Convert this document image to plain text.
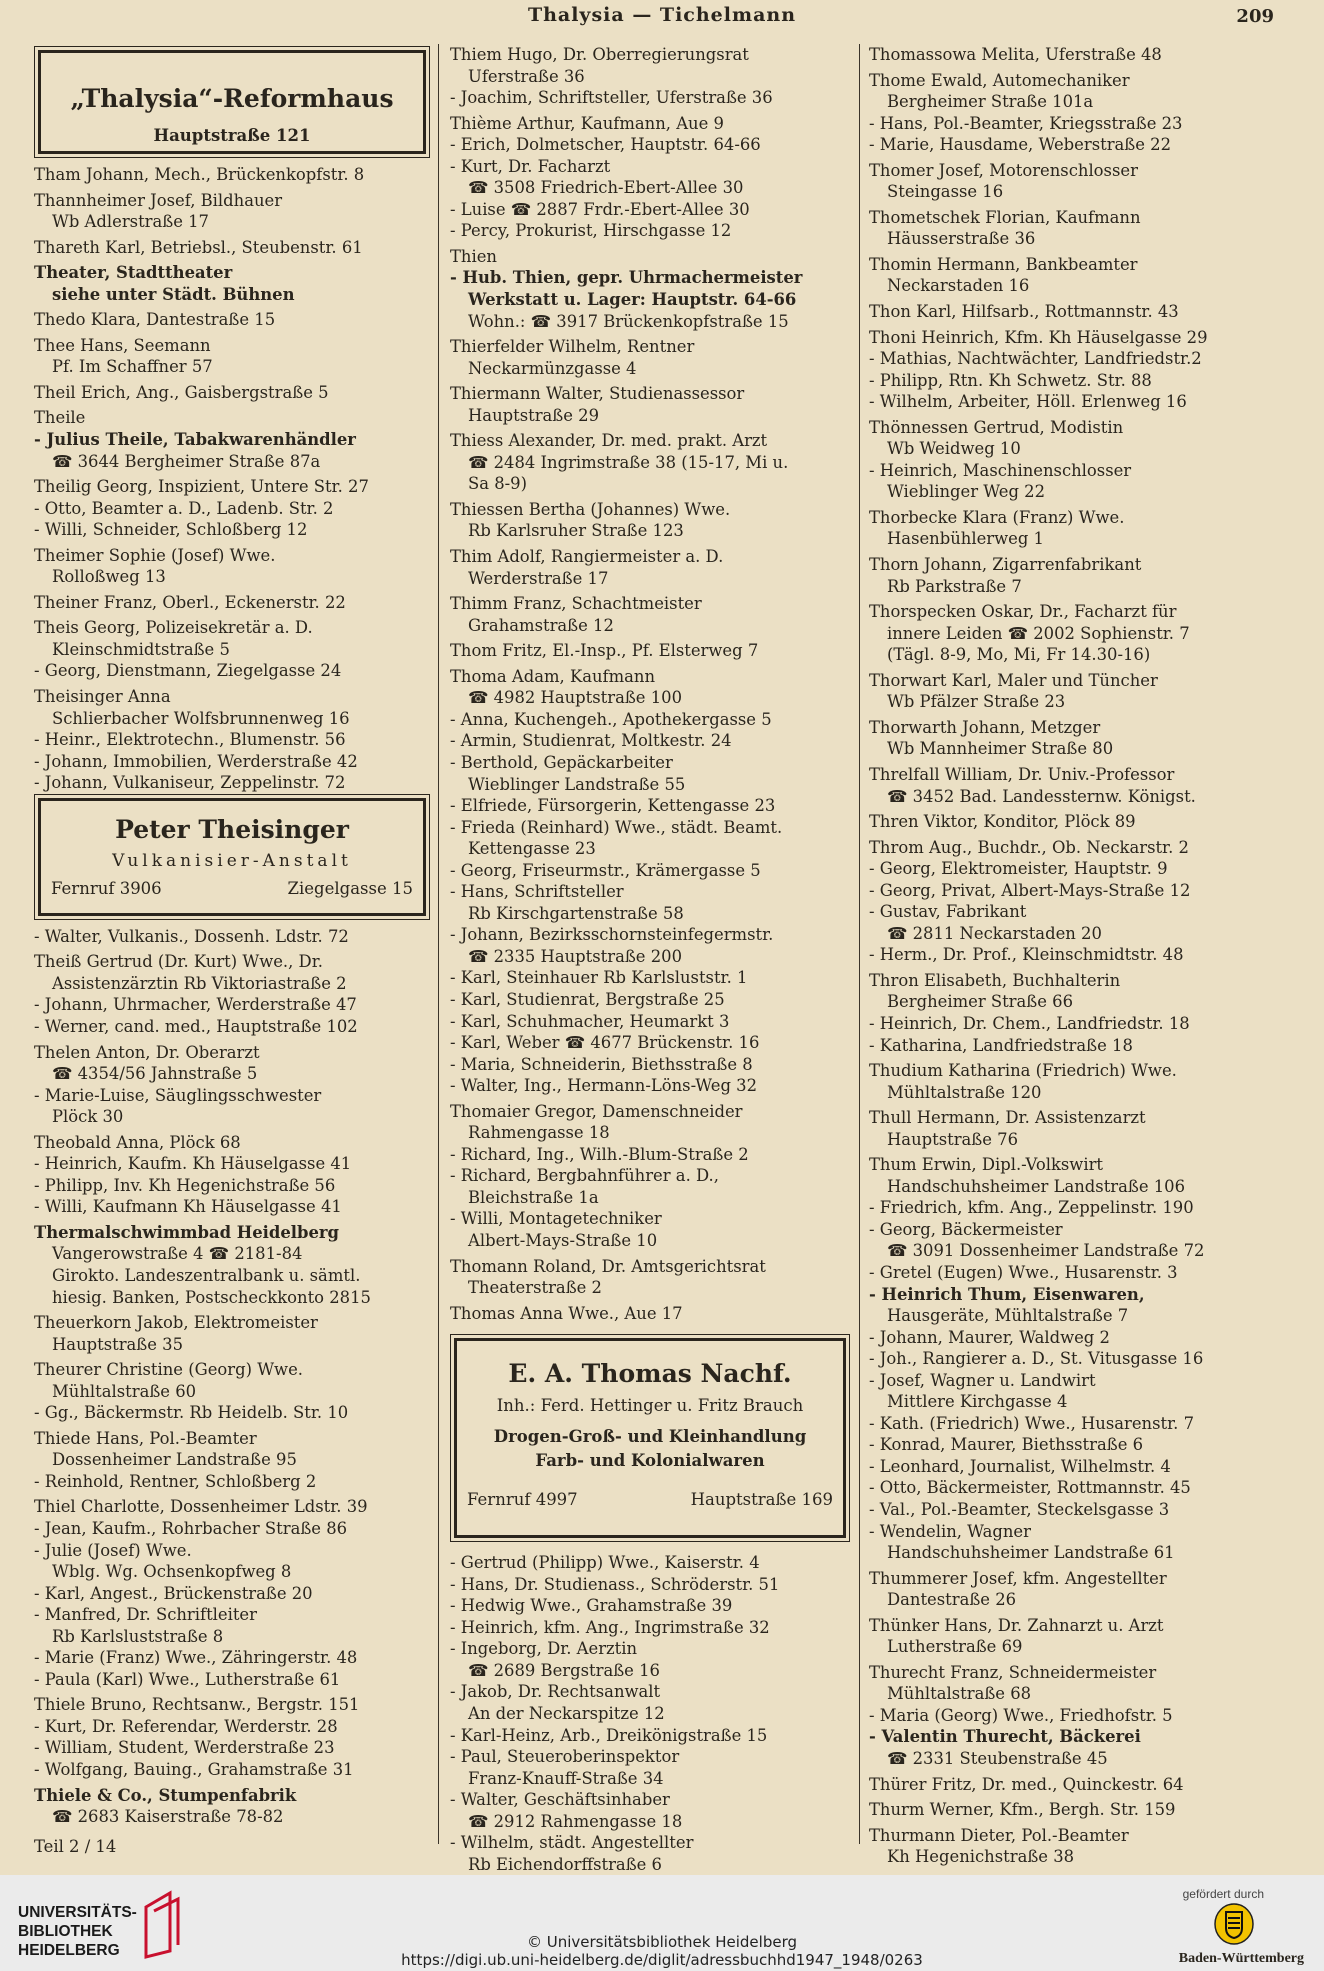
Thalysia — Tichelmann	209
„Thalysia“-Reformhaus
Hauptstraße 121
Tham Johann, Mech., Brückenkopfstr. 8
Thannheimer Josef, Bildhauer
Wb Adlerstraße 17
Thareth Karl, Betriebsl., Steubenstr. 61
Theater, Stadttheater
siehe unter Städt. Bühnen
Thedo Klara, Dantestraße 15
Thee Hans, Seemann
Pf. Im Schaffner 57
Theil Erich, Ang., Gaisbergstraße 5
Theile
- Julius Theile, Tabakwarenhändler
☎ 3644 Bergheimer Straße 87a
Theilig Georg, Inspizient, Untere Str. 27
- Otto, Beamter a. D., Ladenb. Str. 2
- Willi, Schneider, Schloßberg 12
Theimer Sophie (Josef) Wwe.
Rolloßweg 13
Theiner Franz, Oberl., Eckenerstr. 22
Theis Georg, Polizeisekretär a. D.
Kleinschmidtstraße 5
- Georg, Dienstmann, Ziegelgasse 24
Theisinger Anna
Schlierbacher Wolfsbrunnenweg 16
- Heinr., Elektrotechn., Blumenstr. 56
- Johann, Immobilien, Werderstraße 42
- Johann, Vulkaniseur, Zeppelinstr. 72
Peter Theisinger
Vulkanisier-Anstalt
Fernruf 3906	Ziegelgasse 15
- Walter, Vulkanis., Dossenh. Ldstr. 72
Theiß Gertrud (Dr. Kurt) Wwe., Dr.
Assistenzärztin Rb Viktoriastraße 2
- Johann, Uhrmacher, Werderstraße 47
- Werner, cand. med., Hauptstraße 102
Thelen Anton, Dr. Oberarzt
☎ 4354/56 Jahnstraße 5
- Marie-Luise, Säuglingsschwester
Plöck 30
Theobald Anna, Plöck 68
- Heinrich, Kaufm. Kh Häuselgasse 41
- Philipp, Inv. Kh Hegenichstraße 56
- Willi, Kaufmann Kh Häuselgasse 41
Thermalschwimmbad Heidelberg
Vangerowstraße 4 ☎ 2181-84
Girokto. Landeszentralbank u. sämtl.
hiesig. Banken, Postscheckkonto 2815
Theuerkorn Jakob, Elektromeister
Hauptstraße 35
Theurer Christine (Georg) Wwe.
Mühltalstraße 60
- Gg., Bäckermstr. Rb Heidelb. Str. 10
Thiede Hans, Pol.-Beamter
Dossenheimer Landstraße 95
- Reinhold, Rentner, Schloßberg 2
Thiel Charlotte, Dossenheimer Ldstr. 39
- Jean, Kaufm., Rohrbacher Straße 86
- Julie (Josef) Wwe.
Wblg. Wg. Ochsenkopfweg 8
- Karl, Angest., Brückenstraße 20
- Manfred, Dr. Schriftleiter
Rb Karlsluststraße 8
- Marie (Franz) Wwe., Zähringerstr. 48
- Paula (Karl) Wwe., Lutherstraße 61
Thiele Bruno, Rechtsanw., Bergstr. 151
- Kurt, Dr. Referendar, Werderstr. 28
- William, Student, Werderstraße 23
- Wolfgang, Bauing., Grahamstraße 31
Thiele & Co., Stumpenfabrik
☎ 2683 Kaiserstraße 78-82
Teil 2 / 14
Thiem Hugo, Dr. Oberregierungsrat
Uferstraße 36
- Joachim, Schriftsteller, Uferstraße 36
Thième Arthur, Kaufmann, Aue 9
- Erich, Dolmetscher, Hauptstr. 64-66
- Kurt, Dr. Facharzt
☎ 3508 Friedrich-Ebert-Allee 30
- Luise ☎ 2887 Frdr.-Ebert-Allee 30
- Percy, Prokurist, Hirschgasse 12
Thien
- Hub. Thien, gepr. Uhrmachermeister
Werkstatt u. Lager: Hauptstr. 64-66
Wohn.: ☎ 3917 Brückenkopfstraße 15
Thierfelder Wilhelm, Rentner
Neckarmünzgasse 4
Thiermann Walter, Studienassessor
Hauptstraße 29
Thiess Alexander, Dr. med. prakt. Arzt
☎ 2484 Ingrimstraße 38 (15-17, Mi u.
Sa 8-9)
Thiessen Bertha (Johannes) Wwe.
Rb Karlsruher Straße 123
Thim Adolf, Rangiermeister a. D.
Werderstraße 17
Thimm Franz, Schachtmeister
Grahamstraße 12
Thom Fritz, El.-Insp., Pf. Elsterweg 7
Thoma Adam, Kaufmann
☎ 4982 Hauptstraße 100
- Anna, Kuchengeh., Apothekergasse 5
- Armin, Studienrat, Moltkestr. 24
- Berthold, Gepäckarbeiter
Wieblinger Landstraße 55
- Elfriede, Fürsorgerin, Kettengasse 23
- Frieda (Reinhard) Wwe., städt. Beamt.
Kettengasse 23
- Georg, Friseurmstr., Krämergasse 5
- Hans, Schriftsteller
Rb Kirschgartenstraße 58
- Johann, Bezirksschornsteinfegermstr.
☎ 2335 Hauptstraße 200
- Karl, Steinhauer Rb Karlsluststr. 1
- Karl, Studienrat, Bergstraße 25
- Karl, Schuhmacher, Heumarkt 3
- Karl, Weber ☎ 4677 Brückenstr. 16
- Maria, Schneiderin, Biethsstraße 8
- Walter, Ing., Hermann-Löns-Weg 32
Thomaier Gregor, Damenschneider
Rahmengasse 18
- Richard, Ing., Wilh.-Blum-Straße 2
- Richard, Bergbahnführer a. D.,
Bleichstraße 1a
- Willi, Montagetechniker
Albert-Mays-Straße 10
Thomann Roland, Dr. Amtsgerichtsrat
Theaterstraße 2
Thomas Anna Wwe., Aue 17
E. A. Thomas Nachf.
Inh.: Ferd. Hettinger u. Fritz Brauch
Drogen-Groß- und Kleinhandlung
Farb- und Kolonialwaren
Fernruf 4997	Hauptstraße 169
- Gertrud (Philipp) Wwe., Kaiserstr. 4
- Hans, Dr. Studienass., Schröderstr. 51
- Hedwig Wwe., Grahamstraße 39
- Heinrich, kfm. Ang., Ingrimstraße 32
- Ingeborg, Dr. Aerztin
☎ 2689 Bergstraße 16
- Jakob, Dr. Rechtsanwalt
An der Neckarspitze 12
- Karl-Heinz, Arb., Dreikönigstraße 15
- Paul, Steueroberinspektor
Franz-Knauff-Straße 34
- Walter, Geschäftsinhaber
☎ 2912 Rahmengasse 18
- Wilhelm, städt. Angestellter
Rb Eichendorffstraße 6
Thomassowa Melita, Uferstraße 48
Thome Ewald, Automechaniker
Bergheimer Straße 101a
- Hans, Pol.-Beamter, Kriegsstraße 23
- Marie, Hausdame, Weberstraße 22
Thomer Josef, Motorenschlosser
Steingasse 16
Thometschek Florian, Kaufmann
Häusserstraße 36
Thomin Hermann, Bankbeamter
Neckarstaden 16
Thon Karl, Hilfsarb., Rottmannstr. 43
Thoni Heinrich, Kfm. Kh Häuselgasse 29
- Mathias, Nachtwächter, Landfriedstr.2
- Philipp, Rtn. Kh Schwetz. Str. 88
- Wilhelm, Arbeiter, Höll. Erlenweg 16
Thönnessen Gertrud, Modistin
Wb Weidweg 10
- Heinrich, Maschinenschlosser
Wieblinger Weg 22
Thorbecke Klara (Franz) Wwe.
Hasenbühlerweg 1
Thorn Johann, Zigarrenfabrikant
Rb Parkstraße 7
Thorspecken Oskar, Dr., Facharzt für
innere Leiden ☎ 2002 Sophienstr. 7
(Tägl. 8-9, Mo, Mi, Fr 14.30-16)
Thorwart Karl, Maler und Tüncher
Wb Pfälzer Straße 23
Thorwarth Johann, Metzger
Wb Mannheimer Straße 80
Threlfall William, Dr. Univ.-Professor
☎ 3452 Bad. Landessternw. Königst.
Thren Viktor, Konditor, Plöck 89
Throm Aug., Buchdr., Ob. Neckarstr. 2
- Georg, Elektromeister, Hauptstr. 9
- Georg, Privat, Albert-Mays-Straße 12
- Gustav, Fabrikant
☎ 2811 Neckarstaden 20
- Herm., Dr. Prof., Kleinschmidtstr. 48
Thron Elisabeth, Buchhalterin
Bergheimer Straße 66
- Heinrich, Dr. Chem., Landfriedstr. 18
- Katharina, Landfriedstraße 18
Thudium Katharina (Friedrich) Wwe.
Mühltalstraße 120
Thull Hermann, Dr. Assistenzarzt
Hauptstraße 76
Thum Erwin, Dipl.-Volkswirt
Handschuhsheimer Landstraße 106
- Friedrich, kfm. Ang., Zeppelinstr. 190
- Georg, Bäckermeister
☎ 3091 Dossenheimer Landstraße 72
- Gretel (Eugen) Wwe., Husarenstr. 3
- Heinrich Thum, Eisenwaren,
Hausgeräte, Mühltalstraße 7
- Johann, Maurer, Waldweg 2
- Joh., Rangierer a. D., St. Vitusgasse 16
- Josef, Wagner u. Landwirt
Mittlere Kirchgasse 4
- Kath. (Friedrich) Wwe., Husarenstr. 7
- Konrad, Maurer, Biethsstraße 6
- Leonhard, Journalist, Wilhelmstr. 4
- Otto, Bäckermeister, Rottmannstr. 45
- Val., Pol.-Beamter, Steckelsgasse 3
- Wendelin, Wagner
Handschuhsheimer Landstraße 61
Thummerer Josef, kfm. Angestellter
Dantestraße 26
Thünker Hans, Dr. Zahnarzt u. Arzt
Lutherstraße 69
Thurecht Franz, Schneidermeister
Mühltalstraße 68
- Maria (Georg) Wwe., Friedhofstr. 5
- Valentin Thurecht, Bäckerei
☎ 2331 Steubenstraße 45
Thürer Fritz, Dr. med., Quinckestr. 64
Thurm Werner, Kfm., Bergh. Str. 159
Thurmann Dieter, Pol.-Beamter
Kh Hegenichstraße 38
UNIVERSITÄTS-
BIBLIOTHEK
HEIDELBERG	© Universitätsbibliothek Heidelberg
https://digi.ub.uni-heidelberg.de/diglit/adressbuchhd1947_1948/0263
gefördert durch
Baden-Württemberg
